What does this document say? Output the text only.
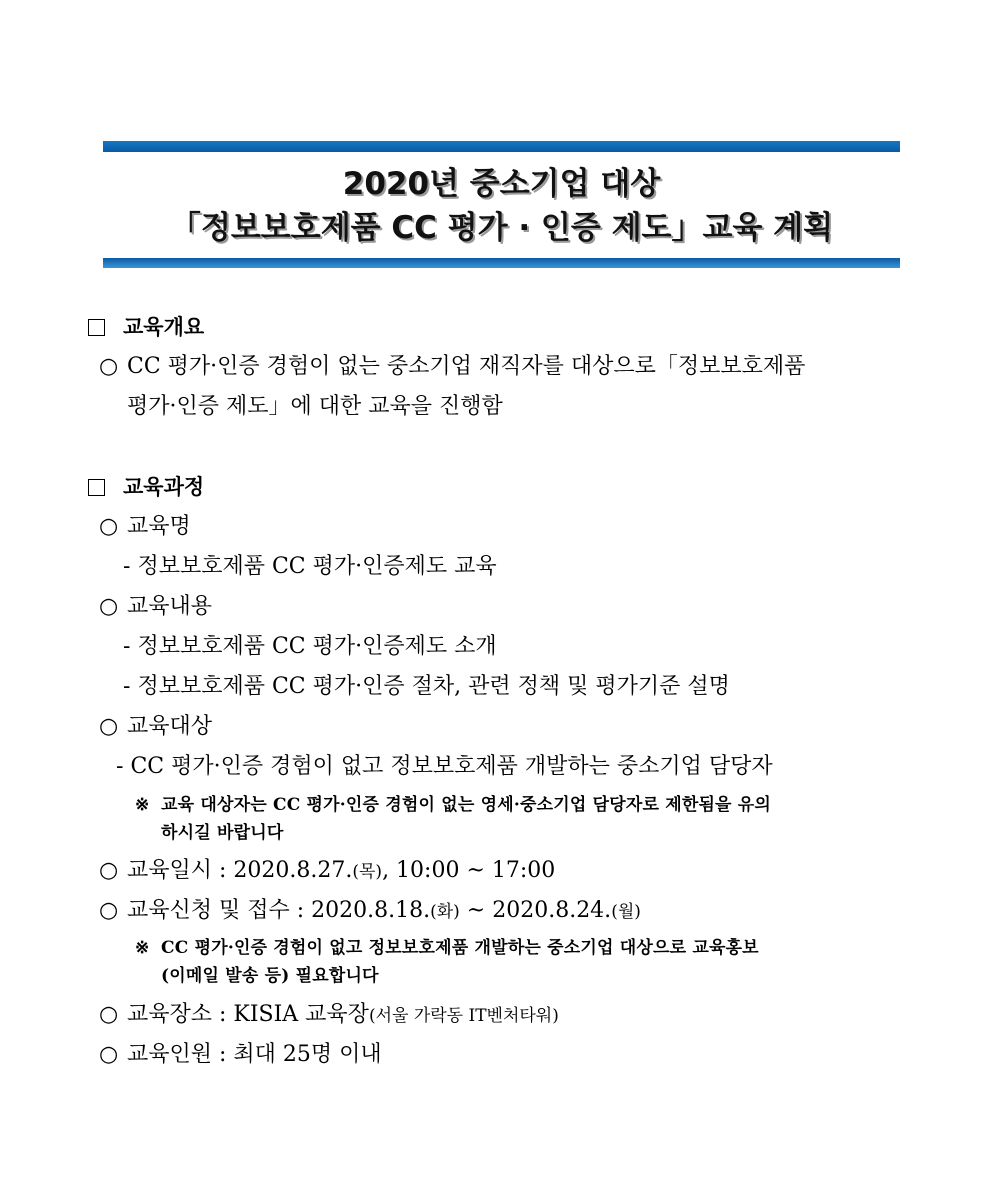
2020년 중소기업 대상
「정보보호제품 CC 평가 · 인증 제도」교육 계획
교육개요
○ CC 평가·인증 경험이 없는 중소기업 재직자를 대상으로「정보보호제품
평가·인증 제도」에 대한 교육을 진행함
교육과정
○ 교육명
- 정보보호제품 CC 평가·인증제도 교육
○ 교육내용
- 정보보호제품 CC 평가·인증제도 소개
- 정보보호제품 CC 평가·인증 절차, 관련 정책 및 평가기준 설명
○ 교육대상
- CC 평가·인증 경험이 없고 정보보호제품 개발하는 중소기업 담당자
※ 교육 대상자는 CC 평가·인증 경험이 없는 영세·중소기업 담당자로 제한됨을 유의
하시길 바랍니다
○ 교육일시 : 2020.8.27.(목), 10:00 ~ 17:00
○ 교육신청 및 접수 : 2020.8.18.(화) ~ 2020.8.24.(월)
※ CC 평가·인증 경험이 없고 정보보호제품 개발하는 중소기업 대상으로 교육홍보
(이메일 발송 등) 필요합니다
○ 교육장소 : KISIA 교육장(서울 가락동 IT벤처타워)
○ 교육인원 : 최대 25명 이내
